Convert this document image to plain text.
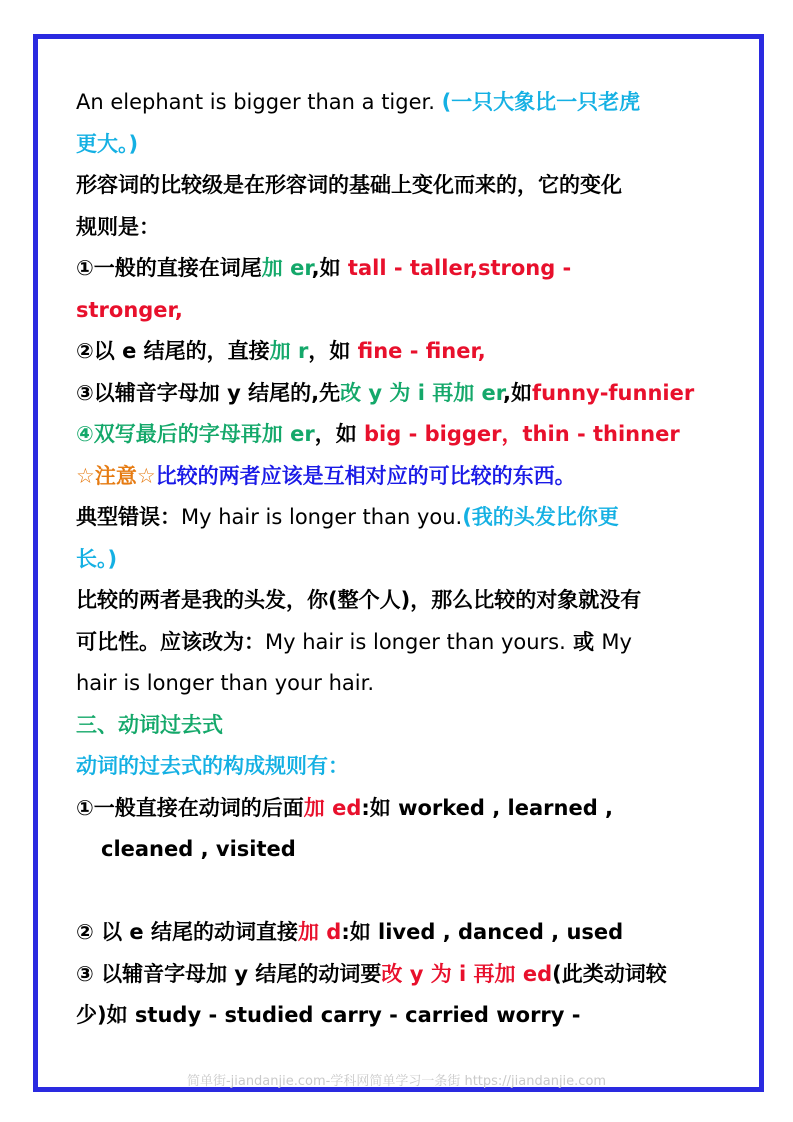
An elephant is bigger than a tiger. (一只大象比一只老虎
更大。)
形容词的比较级是在形容词的基础上变化而来的，它的变化
规则是：
①一般的直接在词尾加 er,如 tall - taller,strong -
stronger,
②以 e 结尾的，直接加 r，如 fine - finer,
③以辅音字母加 y 结尾的,先改 y 为 i 再加 er,如funny-funnier
④双写最后的字母再加 er，如 big - bigger，thin - thinner
☆注意☆比较的两者应该是互相对应的可比较的东西。
典型错误：My hair is longer than you.(我的头发比你更
长。)
比较的两者是我的头发，你(整个人)，那么比较的对象就没有
可比性。应该改为：My hair is longer than yours. 或 My
hair is longer than your hair.
三、动词过去式
动词的过去式的构成规则有：
①一般直接在动词的后面加 ed:如 worked , learned ,
cleaned , visited
② 以 e 结尾的动词直接加 d:如 lived , danced , used
③ 以辅音字母加 y 结尾的动词要改 y 为 i 再加 ed(此类动词较
少)如 study - studied carry - carried worry -
简单街-jiandanjie.com-学科网简单学习一条街 https://jiandanjie.com
